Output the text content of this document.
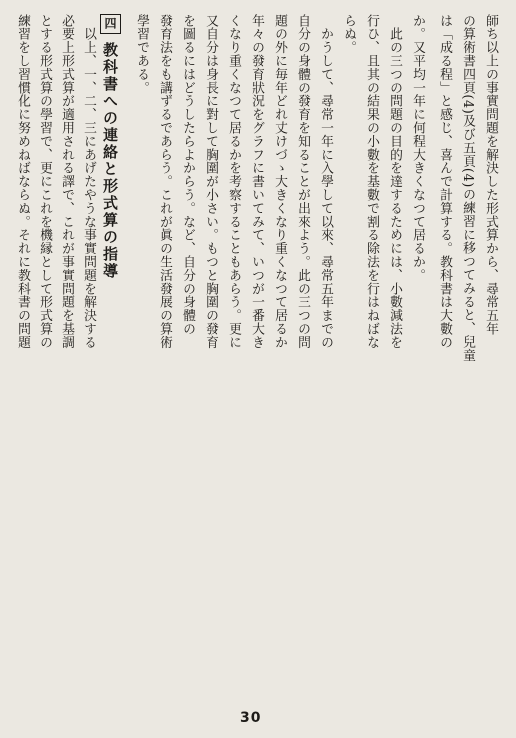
か。又平均一年に何程大きくなつて居るか。
　此の三つの問題の目的を達するためには、小數減法を
行ひ、且其の結果の小數を基數で割る除法を行はねばな
らぬ。
　かうして、尋常一年に入學して以來、尋常五年までの
自分の身體の發育を知ることが出來よう。此の三つの問
題の外に毎年どれ丈けづゝ大きくなり重くなつて居るか
年々の發育狀況をグラフに書いてみて、いつが一番大き
くなり重くなつて居るかを考察することもあらう。更に
又自分は身長に對して胸圍が小さい。もつと胸圍の發育
を圖るにはどうしたらよからう。など、自分の身體の
發育法をも講ずるであらう。これが眞の生活發展の算術
學習である。
四教科書への連絡と形式算の指導
　以上、一、二、三にあげたやうな事實問題を解決する
必要上形式算が適用される譯で、これが事實問題を基調
とする形式算の學習で、更にこれを機縁として形式算の
練習をし習慣化に努めねばならぬ。それに教科書の問題	師ち以上の事實問題を解決した形式算から、尋常五年
の算術書四頁(4)及び五頁(4)の練習に移つてみると、兒童
は「成る程」と感じ、喜んで計算する。教科書は大數の
30
